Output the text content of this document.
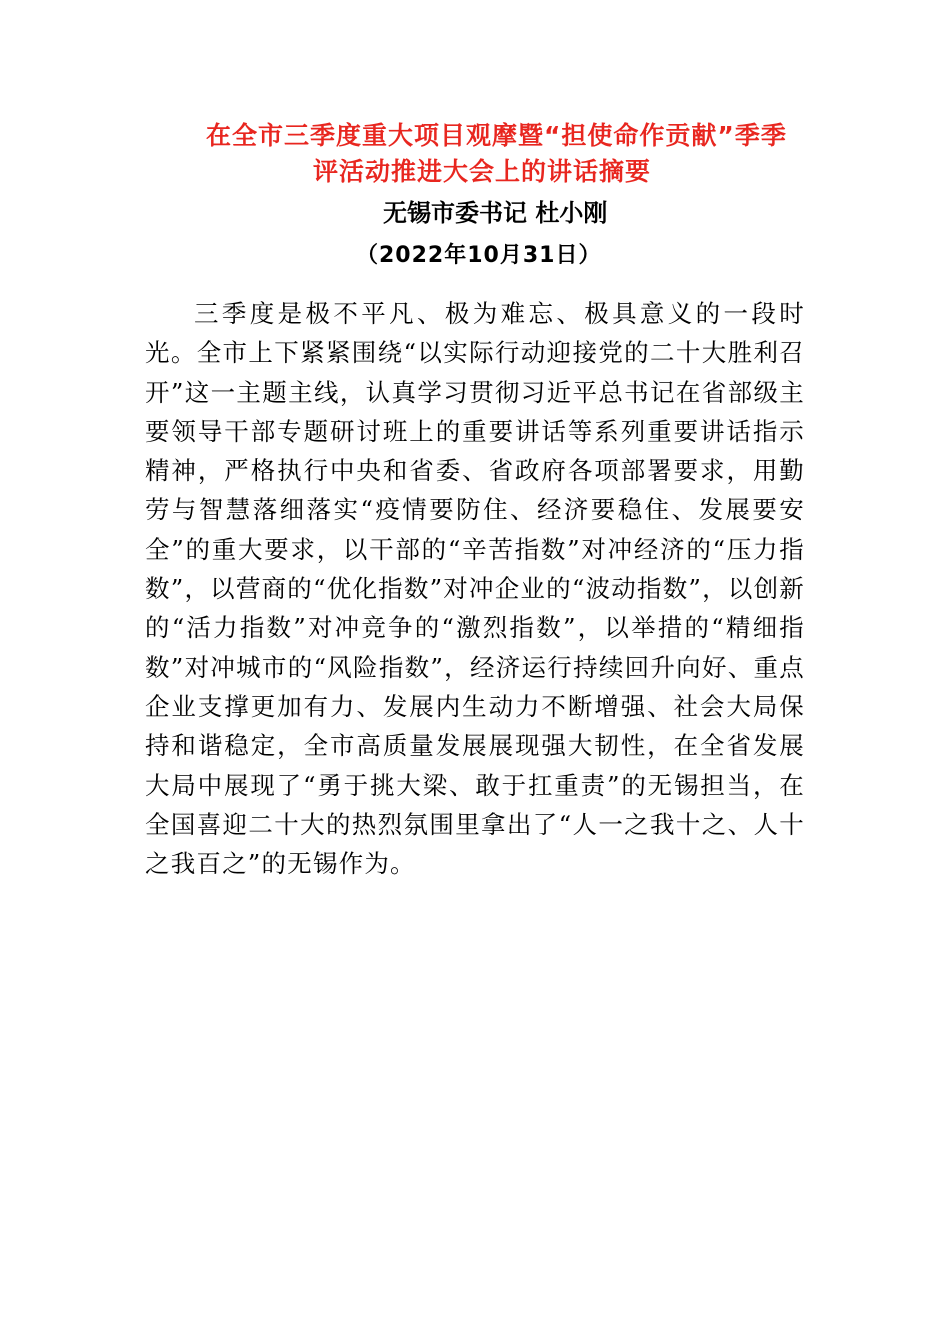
在全市三季度重大项目观摩暨“担使命作贡献”季季
评活动推进大会上的讲话摘要
无锡市委书记 杜小刚
（2022年10月31日）

三季度是极不平凡、极为难忘、极具意义的一段时光。全市上下紧紧围绕“以实际行动迎接党的二十大胜利召开”这一主题主线，认真学习贯彻习近平总书记在省部级主要领导干部专题研讨班上的重要讲话等系列重要讲话指示精神，严格执行中央和省委、省政府各项部署要求，用勤劳与智慧落细落实“疫情要防住、经济要稳住、发展要安全”的重大要求，以干部的“辛苦指数”对冲经济的“压力指数”，以营商的“优化指数”对冲企业的“波动指数”，以创新的“活力指数”对冲竞争的“激烈指数”，以举措的“精细指数”对冲城市的“风险指数”，经济运行持续回升向好、重点企业支撑更加有力、发展内生动力不断增强、社会大局保持和谐稳定，全市高质量发展展现强大韧性，在全省发展大局中展现了“勇于挑大梁、敢于扛重责”的无锡担当，在全国喜迎二十大的热烈氛围里拿出了“人一之我十之、人十之我百之”的无锡作为。
